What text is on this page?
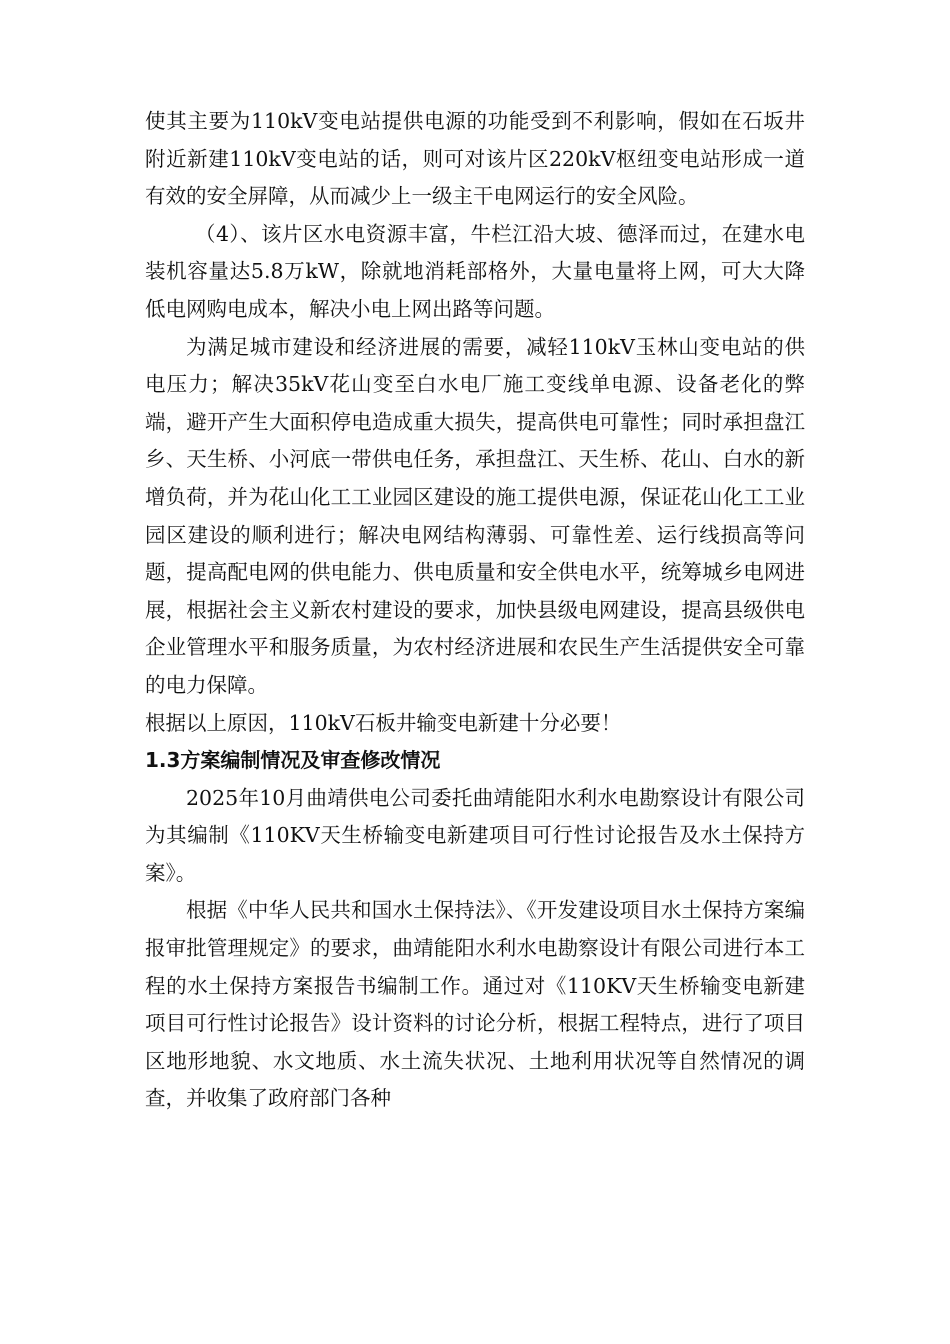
使其主要为110kV变电站提供电源的功能受到不利影响，假如在石坂井附近新建110kV变电站的话，则可对该片区220kV枢纽变电站形成一道有效的安全屏障，从而减少上一级主干电网运行的安全风险。

（4）、该片区水电资源丰富，牛栏江沿大坡、德泽而过，在建水电装机容量达5.8万kW，除就地消耗部格外，大量电量将上网，可大大降低电网购电成本，解决小电上网出路等问题。

为满足城市建设和经济进展的需要，减轻110kV玉林山变电站的供电压力；解决35kV花山变至白水电厂施工变线单电源、设备老化的弊端，避开产生大面积停电造成重大损失，提高供电可靠性；同时承担盘江乡、天生桥、小河底一带供电任务，承担盘江、天生桥、花山、白水的新增负荷，并为花山化工工业园区建设的施工提供电源，保证花山化工工业园区建设的顺利进行；解决电网结构薄弱、可靠性差、运行线损高等问题，提高配电网的供电能力、供电质量和安全供电水平，统筹城乡电网进展，根据社会主义新农村建设的要求，加快县级电网建设，提高县级供电企业管理水平和服务质量，为农村经济进展和农民生产生活提供安全可靠的电力保障。

根据以上原因，110kV石板井输变电新建十分必要！

1.3方案编制情况及审查修改情况

2025年10月曲靖供电公司委托曲靖能阳水利水电勘察设计有限公司为其编制《110KV天生桥输变电新建项目可行性讨论报告及水土保持方案》。

根据《中华人民共和国水土保持法》、《开发建设项目水土保持方案编报审批管理规定》的要求，曲靖能阳水利水电勘察设计有限公司进行本工程的水土保持方案报告书编制工作。通过对《110KV天生桥输变电新建项目可行性讨论报告》设计资料的讨论分析，根据工程特点，进行了项目区地形地貌、水文地质、水土流失状况、土地利用状况等自然情况的调查，并收集了政府部门各种
